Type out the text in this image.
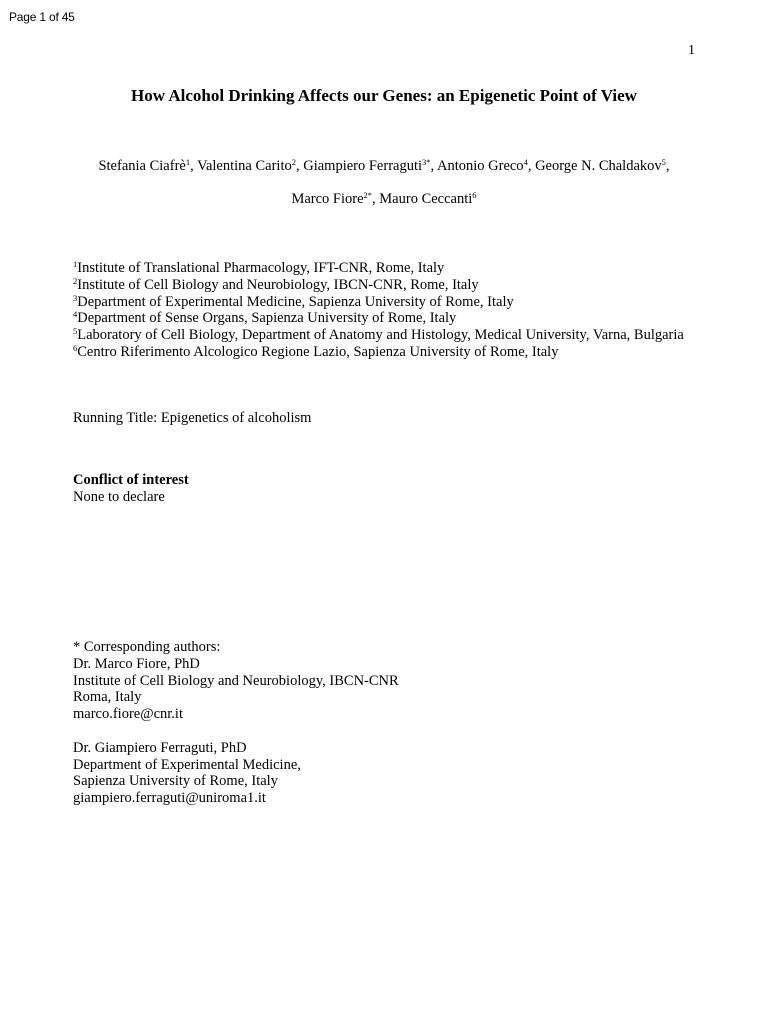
Page 1 of 45
1
How Alcohol Drinking Affects our Genes: an Epigenetic Point of View
Stefania Ciafrè$^1$, Valentina Carito$^2$, Giampiero Ferraguti$^{3*}$, Antonio Greco$^4$, George N. Chaldakov$^5$,
Marco Fiore$^{2*}$, Mauro Ceccanti$^6$
$^1$Institute of Translational Pharmacology, IFT-CNR, Rome, Italy
$^2$Institute of Cell Biology and Neurobiology, IBCN-CNR, Rome, Italy
$^3$Department of Experimental Medicine, Sapienza University of Rome, Italy
$^4$Department of Sense Organs, Sapienza University of Rome, Italy
$^5$Laboratory of Cell Biology, Department of Anatomy and Histology, Medical University, Varna, Bulgaria
$^6$Centro Riferimento Alcologico Regione Lazio, Sapienza University of Rome, Italy
Running Title: Epigenetics of alcoholism
Conflict of interest
None to declare
* Corresponding authors:
Dr. Marco Fiore, PhD
Institute of Cell Biology and Neurobiology, IBCN-CNR
Roma, Italy
marco.fiore@cnr.it
Dr. Giampiero Ferraguti, PhD
Department of Experimental Medicine,
Sapienza University of Rome, Italy
giampiero.ferraguti@uniroma1.it
